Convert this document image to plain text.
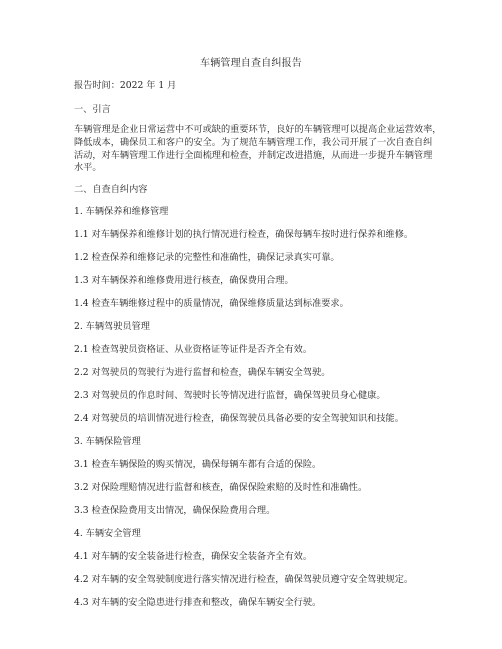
车辆管理自查自纠报告
报告时间：2022 年 1 月
一、引言
车辆管理是企业日常运营中不可或缺的重要环节，良好的车辆管理可以提高企业运营效率，
降低成本，确保员工和客户的安全。为了规范车辆管理工作，我公司开展了一次自查自纠
活动，对车辆管理工作进行全面梳理和检查，并制定改进措施，从而进一步提升车辆管理
水平。
二、自查自纠内容
1. 车辆保养和维修管理
1.1 对车辆保养和维修计划的执行情况进行检查，确保每辆车按时进行保养和维修。
1.2 检查保养和维修记录的完整性和准确性，确保记录真实可靠。
1.3 对车辆保养和维修费用进行核查，确保费用合理。
1.4 检查车辆维修过程中的质量情况，确保维修质量达到标准要求。
2. 车辆驾驶员管理
2.1 检查驾驶员资格证、从业资格证等证件是否齐全有效。
2.2 对驾驶员的驾驶行为进行监督和检查，确保车辆安全驾驶。
2.3 对驾驶员的作息时间、驾驶时长等情况进行监督，确保驾驶员身心健康。
2.4 对驾驶员的培训情况进行检查，确保驾驶员具备必要的安全驾驶知识和技能。
3. 车辆保险管理
3.1 检查车辆保险的购买情况，确保每辆车都有合适的保险。
3.2 对保险理赔情况进行监督和核查，确保保险索赔的及时性和准确性。
3.3 检查保险费用支出情况，确保保险费用合理。
4. 车辆安全管理
4.1 对车辆的安全装备进行检查，确保安全装备齐全有效。
4.2 对车辆的安全驾驶制度进行落实情况进行检查，确保驾驶员遵守安全驾驶规定。
4.3 对车辆的安全隐患进行排查和整改，确保车辆安全行驶。
